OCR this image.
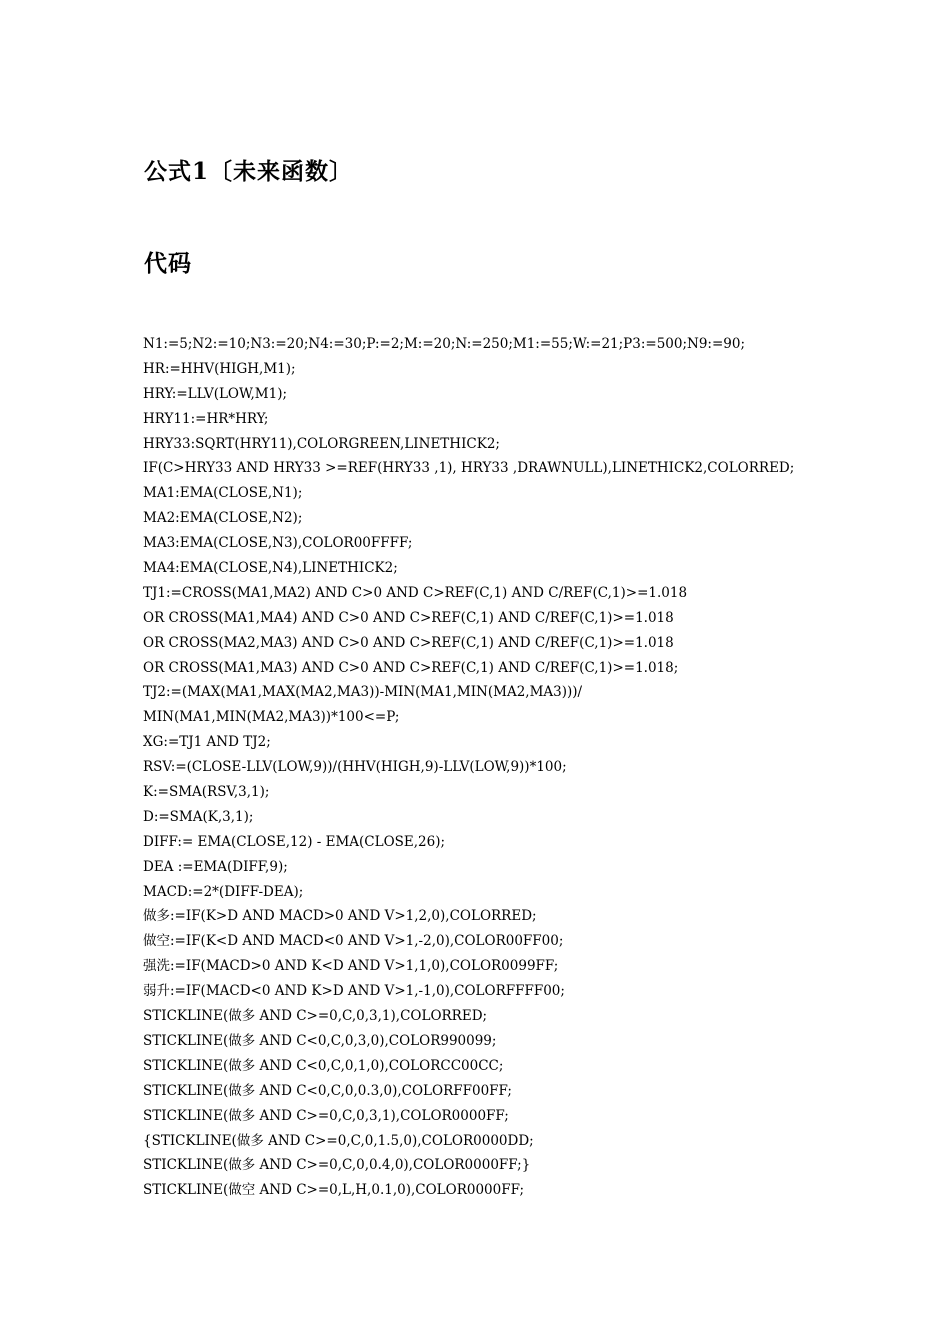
公式1〔未来函数〕
代码
N1:=5;N2:=10;N3:=20;N4:=30;P:=2;M:=20;N:=250;M1:=55;W:=21;P3:=500;N9:=90;
HR:=HHV(HIGH,M1);
HRY:=LLV(LOW,M1);
HRY11:=HR*HRY;
HRY33:SQRT(HRY11),COLORGREEN,LINETHICK2;
IF(C>HRY33 AND HRY33 >=REF(HRY33 ,1), HRY33 ,DRAWNULL),LINETHICK2,COLORRED;
MA1:EMA(CLOSE,N1);
MA2:EMA(CLOSE,N2);
MA3:EMA(CLOSE,N3),COLOR00FFFF;
MA4:EMA(CLOSE,N4),LINETHICK2;
TJ1:=CROSS(MA1,MA2) AND C>0 AND C>REF(C,1) AND C/REF(C,1)>=1.018
OR CROSS(MA1,MA4) AND C>0 AND C>REF(C,1) AND C/REF(C,1)>=1.018
OR CROSS(MA2,MA3) AND C>0 AND C>REF(C,1) AND C/REF(C,1)>=1.018
OR CROSS(MA1,MA3) AND C>0 AND C>REF(C,1) AND C/REF(C,1)>=1.018;
TJ2:=(MAX(MA1,MAX(MA2,MA3))-MIN(MA1,MIN(MA2,MA3)))/
MIN(MA1,MIN(MA2,MA3))*100<=P;
XG:=TJ1 AND TJ2;
RSV:=(CLOSE-LLV(LOW,9))/(HHV(HIGH,9)-LLV(LOW,9))*100;
K:=SMA(RSV,3,1);
D:=SMA(K,3,1);
DIFF:= EMA(CLOSE,12) - EMA(CLOSE,26);
DEA :=EMA(DIFF,9);
MACD:=2*(DIFF-DEA);
做多:=IF(K>D AND MACD>0 AND V>1,2,0),COLORRED;
做空:=IF(K<D AND MACD<0 AND V>1,-2,0),COLOR00FF00;
强洗:=IF(MACD>0 AND K<D AND V>1,1,0),COLOR0099FF;
弱升:=IF(MACD<0 AND K>D AND V>1,-1,0),COLORFFFF00;
STICKLINE(做多 AND C>=0,C,0,3,1),COLORRED;
STICKLINE(做多 AND C<0,C,0,3,0),COLOR990099;
STICKLINE(做多 AND C<0,C,0,1,0),COLORCC00CC;
STICKLINE(做多 AND C<0,C,0,0.3,0),COLORFF00FF;
STICKLINE(做多 AND C>=0,C,0,3,1),COLOR0000FF;
{STICKLINE(做多 AND C>=0,C,0,1.5,0),COLOR0000DD;
STICKLINE(做多 AND C>=0,C,0,0.4,0),COLOR0000FF;}
STICKLINE(做空 AND C>=0,L,H,0.1,0),COLOR0000FF;
